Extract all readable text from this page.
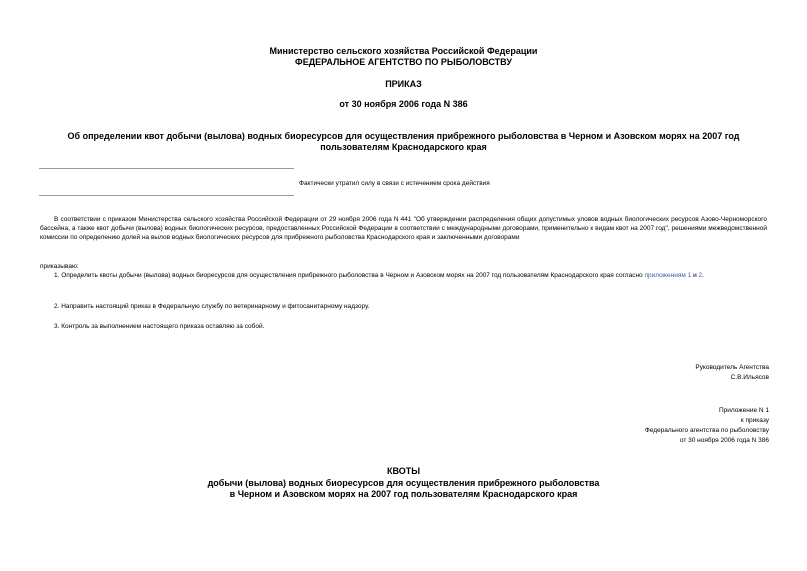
Министерство сельского хозяйства Российской Федерации
ФЕДЕРАЛЬНОЕ АГЕНТСТВО ПО РЫБОЛОВСТВУ
ПРИКАЗ
от 30 ноября 2006 года N 386
Об определении квот добычи (вылова) водных биоресурсов для осуществления прибрежного рыболовства в Черном и Азовском морях на 2007 год
пользователям Краснодарского края
Фактически утратил силу в связи с истечением срока действия
В соответствии с приказом Министерства сельского хозяйства Российской Федерации от 29 ноября 2006 года N 441 "Об утверждении распределения общих допустимых уловов водных биологических ресурсов Азово-Черноморского бассейна, а также квот добычи (вылова) водных биологических ресурсов, предоставленных Российской Федерации в соответствии с международными договорами, применительно к видам квот на 2007 год", решениями межведомственной комиссии по определению долей на вылов водных биологических ресурсов для прибрежного рыболовства Краснодарского края и заключенными договорами
приказываю:
1. Определить квоты добычи (вылова) водных биоресурсов для осуществления прибрежного рыболовства в Черном и Азовском морях на 2007 год пользователям Краснодарского края согласно приложениям 1 и 2.
2. Направить настоящий приказ в Федеральную службу по ветеринарному и фитосанитарному надзору.
3. Контроль за выполнением настоящего приказа оставляю за собой.
Руководитель Агентства
С.В.Ильясов
Приложение N 1
к приказу
Федерального агентства по рыболовству
от 30 ноября 2006 года N 386
КВОТЫ
добычи (вылова) водных биоресурсов для осуществления прибрежного рыболовства
в Черном и Азовском морях на 2007 год пользователям Краснодарского края
